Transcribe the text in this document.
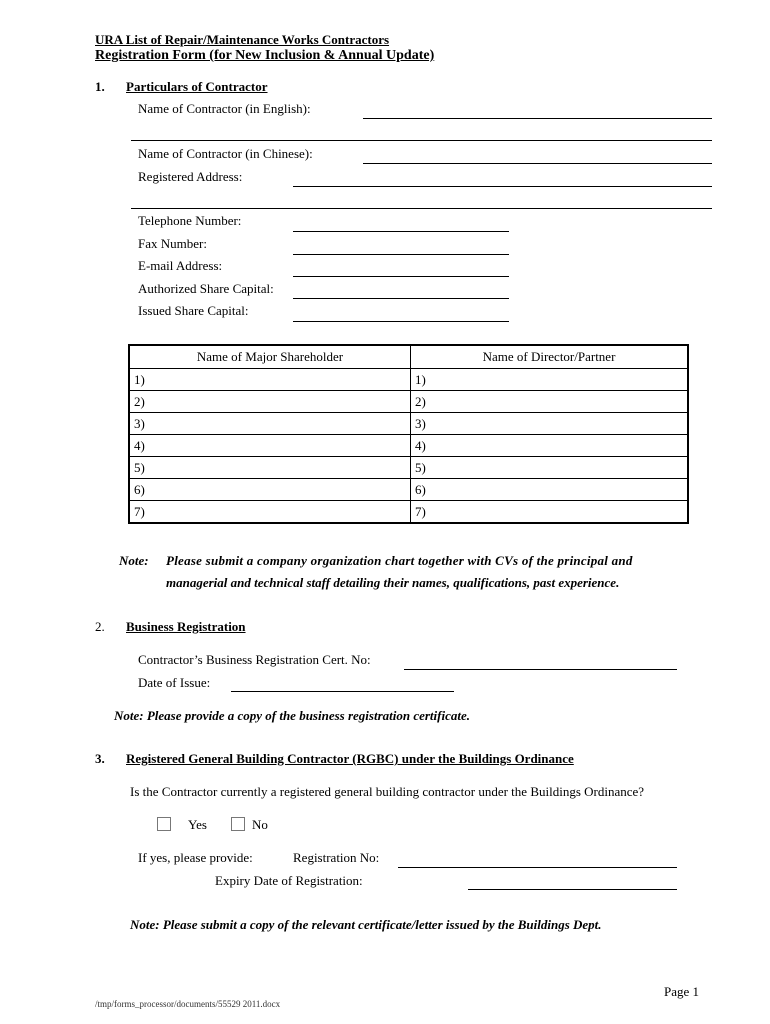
URA List of Repair/Maintenance Works Contractors
Registration Form (for New Inclusion & Annual Update)
1. Particulars of Contractor
Name of Contractor (in English):
Name of Contractor (in Chinese):
Registered Address:
Telephone Number:
Fax Number:
E-mail Address:
Authorized Share Capital:
Issued Share Capital:
Name of Major Shareholder	Name of Director/Partner
1)	1)
2)	2)
3)	3)
4)	4)
5)	5)
6)	6)
7)	7)
Note: Please submit a company organization chart together with CVs of the principal and
managerial and technical staff detailing their names, qualifications, past experience.
2. Business Registration
Contractor’s Business Registration Cert. No:
Date of Issue:
Note: Please provide a copy of the business registration certificate.
3. Registered General Building Contractor (RGBC) under the Buildings Ordinance
Is the Contractor currently a registered general building contractor under the Buildings Ordinance?
Yes	No
If yes, please provide:	Registration No:
Expiry Date of Registration:
Note: Please submit a copy of the relevant certificate/letter issued by the Buildings Dept.
Page 1
/tmp/forms_processor/documents/55529 2011.docx
